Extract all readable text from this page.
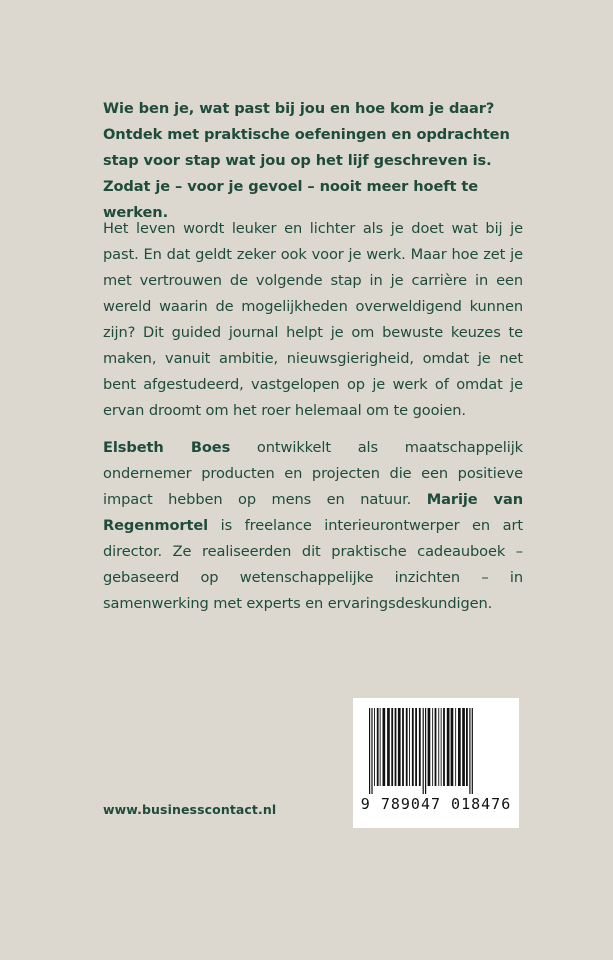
Wie ben je, wat past bij jou en hoe kom je daar? Ontdek met praktische oefeningen en opdrachten stap voor stap wat jou op het lijf geschreven is. Zodat je – voor je gevoel – nooit meer hoeft te werken.

Het leven wordt leuker en lichter als je doet wat bij je past. En dat geldt zeker ook voor je werk. Maar hoe zet je met vertrouwen de volgende stap in je carrière in een wereld waarin de mogelijkheden overweldigend kunnen zijn? Dit guided journal helpt je om bewuste keuzes te maken, vanuit ambitie, nieuwsgierigheid, omdat je net bent afgestudeerd, vastgelopen op je werk of omdat je ervan droomt om het roer helemaal om te gooien.

Elsbeth Boes ontwikkelt als maatschappelijk ondernemer producten en projecten die een positieve impact hebben op mens en natuur. Marije van Regenmortel is freelance interieurontwerper en art director. Ze realiseerden dit praktische cadeauboek – gebaseerd op wetenschappelijke inzichten – in samenwerking met experts en ervaringsdeskundigen.

www.businesscontact.nl	9 789047 018476
